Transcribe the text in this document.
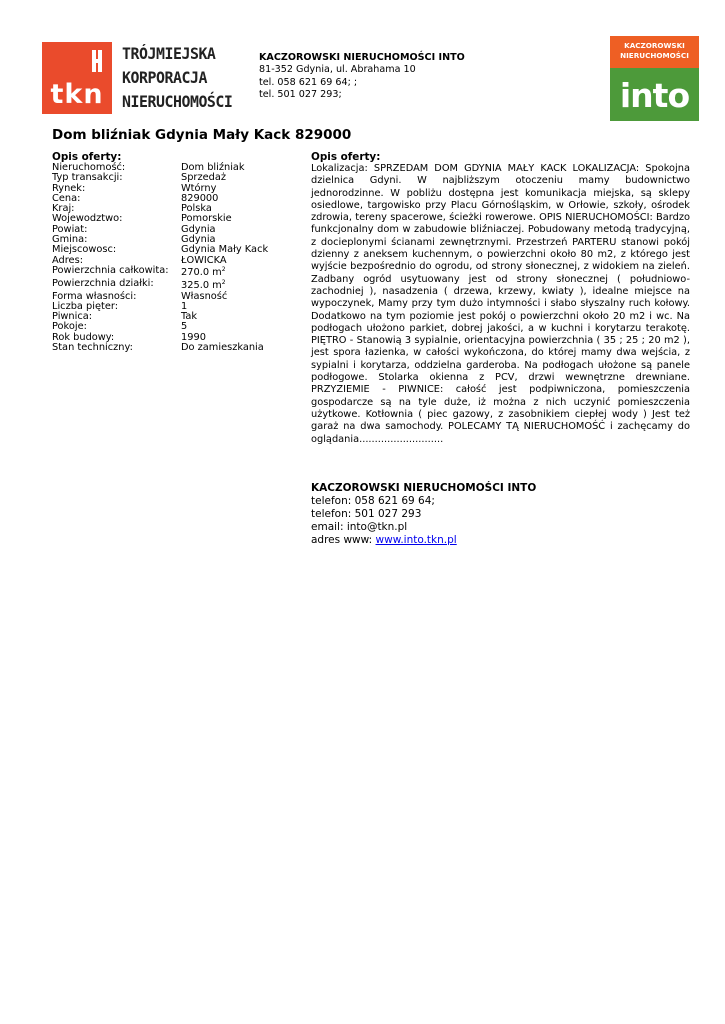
tkn
TRÓJMIEJSKA
KORPORACJA
NIERUCHOMOŚCI
KACZOROWSKI NIERUCHOMOŚCI INTO
81-352 Gdynia, ul. Abrahama 10
tel. 058 621 69 64; ;
tel. 501 027 293;
KACZOROWSKI
NIERUCHOMOŚCI
into
Dom bliźniak Gdynia Mały Kack 829000
Opis oferty:
Nieruchomość:	Dom bliźniak
Typ transakcji:	Sprzedaż
Rynek:	Wtórny
Cena:	829000
Kraj:	Polska
Wojewodztwo:	Pomorskie
Powiat:	Gdynia
Gmina:	Gdynia
Miejscowosc:	Gdynia Mały Kack
Adres:	ŁOWICKA
Powierzchnia całkowita: 270.0 $m^2$
Powierzchnia działki:	325.0 $m^2$
Forma własności:	Własność
Liczba pięter:	1
Piwnica:	Tak
Pokoje:	5
Rok budowy:	1990
Stan techniczny:	Do zamieszkania
Opis oferty:
Lokalizacja: SPRZEDAM DOM GDYNIA MAŁY KACK LOKALIZACJA: Spokojna dzielnica Gdyni. W najbliższym otoczeniu mamy budownictwo jednorodzinne. W pobliżu dostępna jest komunikacja miejska, są sklepy osiedlowe, targowisko przy Placu Górnośląskim, w Orłowie, szkoły, ośrodek zdrowia, tereny spacerowe, ścieżki rowerowe. OPIS NIERUCHOMOŚCI: Bardzo funkcjonalny dom w zabudowie bliźniaczej. Pobudowany metodą tradycyjną, z docieplonymi ścianami zewnętrznymi. Przestrzeń PARTERU stanowi pokój dzienny z aneksem kuchennym, o powierzchni około 80 m2, z którego jest wyjście bezpośrednio do ogrodu, od strony słonecznej, z widokiem na zieleń. Zadbany ogród usytuowany jest od strony słonecznej ( południowo-zachodniej ), nasadzenia ( drzewa, krzewy, kwiaty ), idealne miejsce na wypoczynek, Mamy przy tym dużo intymności i słabo słyszalny ruch kołowy. Dodatkowo na tym poziomie jest pokój o powierzchni około 20 m2 i wc. Na podłogach ułożono parkiet, dobrej jakości, a w kuchni i korytarzu terakotę. PIĘTRO - Stanowią 3 sypialnie, orientacyjna powierzchnia ( 35 ; 25 ; 20 m2 ), jest spora łazienka, w całości wykończona, do której mamy dwa wejścia, z sypialni i korytarza, oddzielna garderoba. Na podłogach ułożone są panele podłogowe. Stolarka okienna z PCV, drzwi wewnętrzne drewniane. PRZYZIEMIE - PIWNICE: całość jest podpiwniczona, pomieszczenia gospodarcze są na tyle duże, iż można z nich uczynić pomieszczenia użytkowe. Kotłownia ( piec gazowy, z zasobnikiem ciepłej wody ) Jest też garaż na dwa samochody. POLECAMY TĄ NIERUCHOMOŚĆ i zachęcamy do oglądania...........................
KACZOROWSKI NIERUCHOMOŚCI INTO
telefon: 058 621 69 64;
telefon: 501 027 293
email: into@tkn.pl
adres www: www.into.tkn.pl
